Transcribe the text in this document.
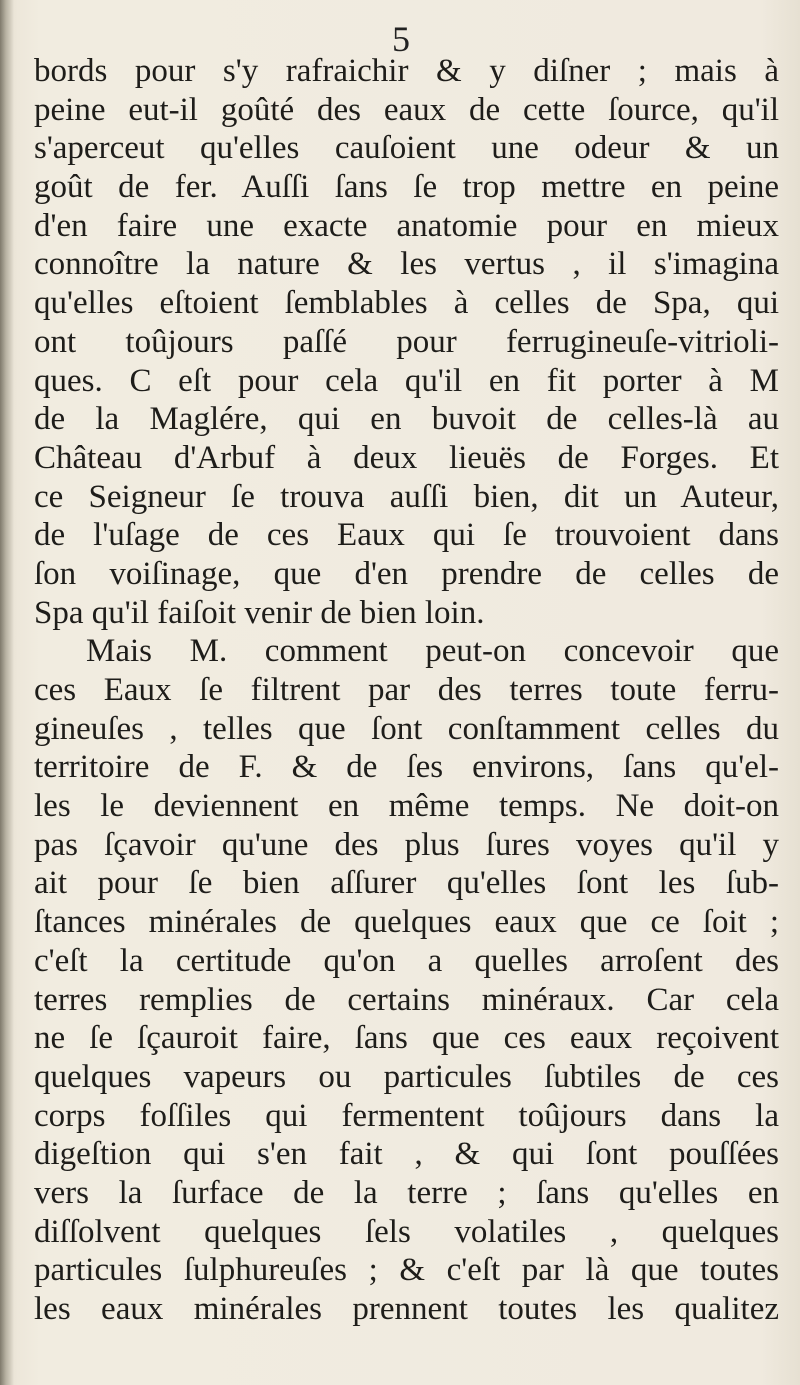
5
bords pour s'y rafraichir & y diſner ; mais à
peine eut-il goûté des eaux de cette ſource, qu'il
s'aperceut qu'elles cauſoient une odeur & un
goût de fer. Auſſi ſans ſe trop mettre en peine
d'en faire une exacte anatomie pour en mieux
connoître la nature & les vertus , il s'imagina
qu'elles eſtoient ſemblables à celles de Spa, qui
ont toûjours paſſé pour ferrugineuſe-vitrioli-
ques. C eſt pour cela qu'il en fit porter à M
de la Maglére, qui en buvoit de celles-là au
Château d'Arbuf à deux lieuës de Forges. Et
ce Seigneur ſe trouva auſſi bien, dit un Auteur,
de l'uſage de ces Eaux qui ſe trouvoient dans
ſon voiſinage, que d'en prendre de celles de
Spa qu'il faiſoit venir de bien loin.
Mais M. comment peut-on concevoir que
ces Eaux ſe filtrent par des terres toute ferru-
gineuſes , telles que ſont conſtamment celles du
territoire de F. & de ſes environs, ſans qu'el-
les le deviennent en même temps. Ne doit-on
pas ſçavoir qu'une des plus ſures voyes qu'il y
ait pour ſe bien aſſurer qu'elles ſont les ſub-
ſtances minérales de quelques eaux que ce ſoit ;
c'eſt la certitude qu'on a quelles arroſent des
terres remplies de certains minéraux. Car cela
ne ſe ſçauroit faire, ſans que ces eaux reçoivent
quelques vapeurs ou particules ſubtiles de ces
corps foſſiles qui fermentent toûjours dans la
digeſtion qui s'en fait , & qui ſont pouſſées
vers la ſurface de la terre ; ſans qu'elles en
diſſolvent quelques ſels volatiles , quelques
particules ſulphureuſes ; & c'eſt par là que toutes
les eaux minérales prennent toutes les qualitez
